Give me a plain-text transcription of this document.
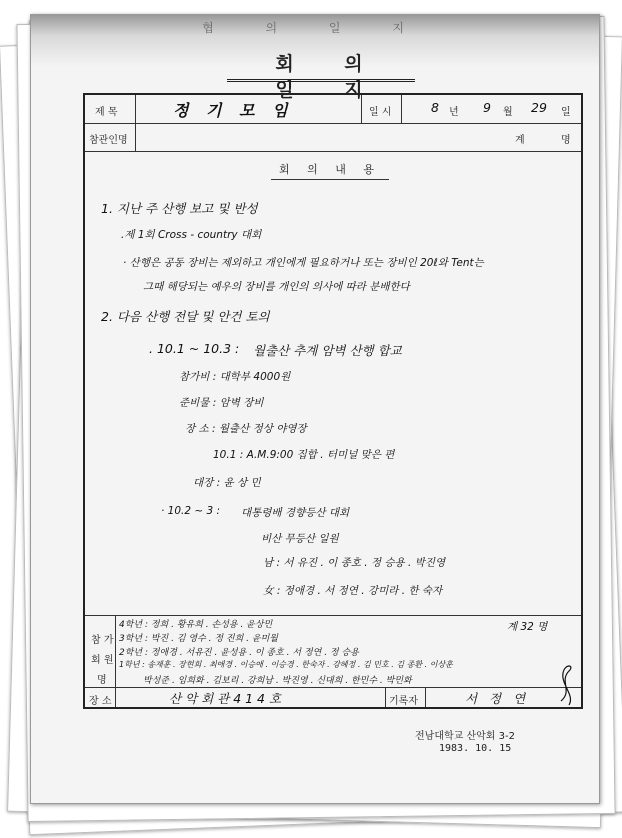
협 의 일 지
회 의 일 지
제 목	정 기 모 임	일 시	8 년 9 월 29 일
참관인명	계	명
회 의 내 용
1. 지난 주 산행 보고 및 반성
.제 1회 Cross - country 대회
· 산행은 공동 장비는 제외하고 개인에게 필요하거나 또는 장비인 20ℓ와 Tent는
그때 해당되는 예우의 장비를 개인의 의사에 따라 분배한다
2. 다음 산행 전달 및 안건 토의
. 10.1 ~ 10.3 : 월출산 추계 암벽 산행 합교
참가비 : 대학부 4000원
준비물 : 암벽 장비
장 소 : 월출산 정상 야영장
10.1 : A.M.9:00 집합 . 터미널 맞은 편
대장 : 윤 상 민
· 10.2 ~ 3 : 대통령배 경향등산 대회
비산 무등산 일원
남 : 서 유진 . 이 종호 . 정 승용 . 박진영
女 : 정애경 . 서 정연 . 강미라 . 한 숙자
참 가
회 원
명
4학년 : 정희 . 황유희 . 손성용 . 윤상민
3학년 : 박진 . 김 영수 . 정 진희 . 윤미월
2학년 : 정애경 . 서유진 . 윤성용 . 이 종호 . 서 정연 . 정 승용
1학년 : 송재훈 . 장현희 . 최애경 . 이승애 . 이승경 . 한숙자 . 강혜정 . 김 민호 . 김 종환 . 이상훈
박성준 . 임희화 . 김보리 . 강희남 . 박진영 . 신대희 . 한민수 . 박민화
계 32 명
장 소	산 악 회 관 4 1 4 호	기록자	서 정 연
전남대학교 산악회 3-2
1983. 10. 15
